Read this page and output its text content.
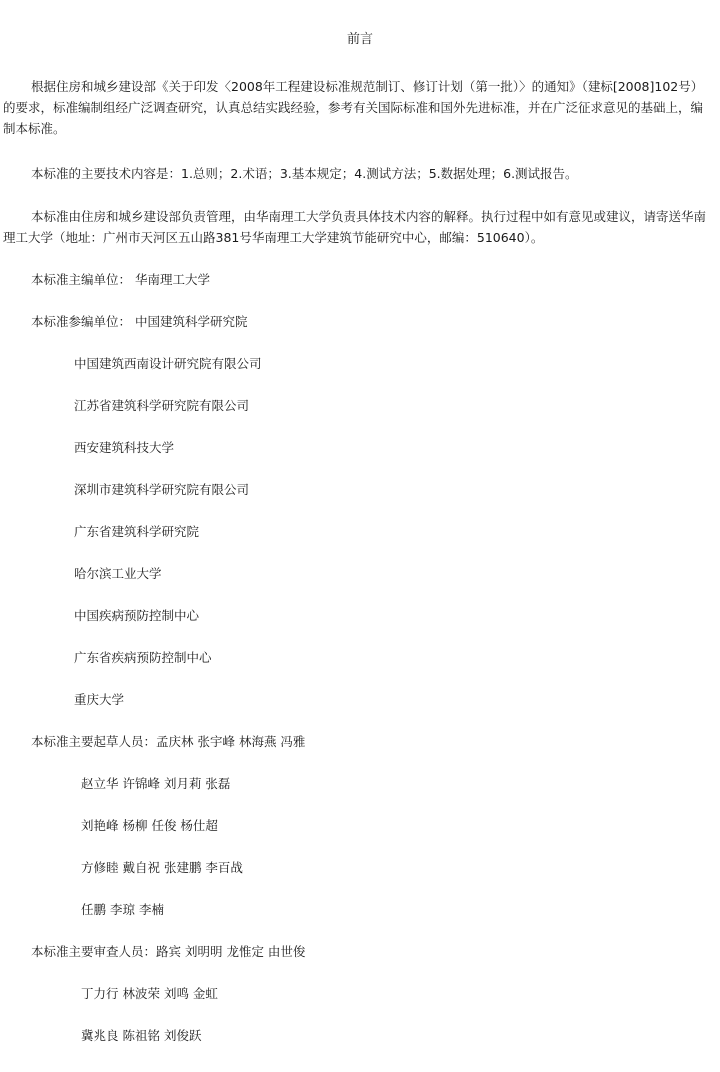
前言
根据住房和城乡建设部《关于印发〈2008年工程建设标准规范制订、修订计划（第一批）〉的通知》（建标[2008]102号）的要求，标准编制组经广泛调查研究，认真总结实践经验，参考有关国际标准和国外先进标准，并在广泛征求意见的基础上，编制本标准。
本标准的主要技术内容是：1.总则；2.术语；3.基本规定；4.测试方法；5.数据处理；6.测试报告。
本标准由住房和城乡建设部负责管理，由华南理工大学负责具体技术内容的解释。执行过程中如有意见或建议，请寄送华南理工大学（地址：广州市天河区五山路381号华南理工大学建筑节能研究中心，邮编：510640）。
本标准主编单位： 华南理工大学
本标准参编单位： 中国建筑科学研究院
中国建筑西南设计研究院有限公司
江苏省建筑科学研究院有限公司
西安建筑科技大学
深圳市建筑科学研究院有限公司
广东省建筑科学研究院
哈尔滨工业大学
中国疾病预防控制中心
广东省疾病预防控制中心
重庆大学
本标准主要起草人员：孟庆林 张宇峰 林海燕 冯雅
赵立华 许锦峰 刘月莉 张磊
刘艳峰 杨柳 任俊 杨仕超
方修睦 戴自祝 张建鹏 李百战
任鹏 李琼 李楠
本标准主要审查人员：路宾 刘明明 龙惟定 由世俊
丁力行 林波荣 刘鸣 金虹
冀兆良 陈祖铭 刘俊跃
